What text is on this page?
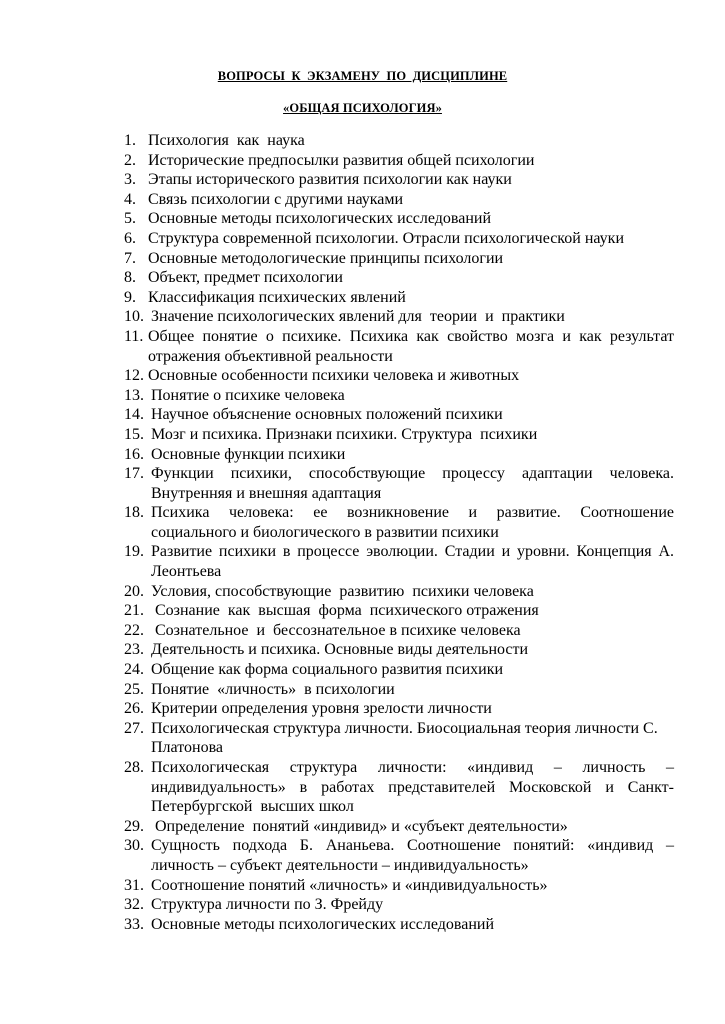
ВОПРОСЫ  К  ЭКЗАМЕНУ  ПО  ДИСЦИПЛИНЕ
«ОБЩАЯ ПСИХОЛОГИЯ»
1. Психология  как  наука
2. Исторические предпосылки развития общей психологии
3. Этапы исторического развития психологии как науки
4. Связь психологии с другими науками
5. Основные методы психологических исследований
6. Структура современной психологии. Отрасли психологической науки
7. Основные методологические принципы психологии
8. Объект, предмет психологии
9. Классификация психических явлений
10. Значение психологических явлений для  теории  и  практики
11. Общее понятие о психике. Психика как свойство мозга и как результат отражения объективной реальности
12. Основные особенности психики человека и животных
13. Понятие о психике человека
14. Научное объяснение основных положений психики
15. Мозг и психика. Признаки психики. Структура  психики
16. Основные функции психики
17. Функции  психики,  способствующие  процессу  адаптации  человека. Внутренняя и внешняя адаптация
18. Психика  человека:  ее  возникновение  и  развитие.  Соотношение социального и биологического в развитии психики
19. Развитие психики в процессе эволюции. Стадии и уровни. Концепция А. Леонтьева
20. Условия, способствующие  развитию  психики человека
21. Сознание  как  высшая  форма  психического отражения
22. Сознательное  и  бессознательное в психике человека
23. Деятельность и психика. Основные виды деятельности
24. Общение как форма социального развития психики
25. Понятие  «личность»  в психологии
26. Критерии определения уровня зрелости личности
27. Психологическая структура личности. Биосоциальная теория личности С. Платонова
28. Психологическая  структура  личности:  «индивид  –  личность  – индивидуальность»  в  работах  представителей  Московской  и  Санкт-Петербургской  высших школ
29. Определение  понятий «индивид» и «субъект деятельности»
30. Сущность  подхода  Б.  Ананьева.  Соотношение  понятий:  «индивид  – личность – субъект деятельности – индивидуальность»
31. Соотношение понятий «личность» и «индивидуальность»
32. Структура личности по З. Фрейду
33. Основные методы психологических исследований
